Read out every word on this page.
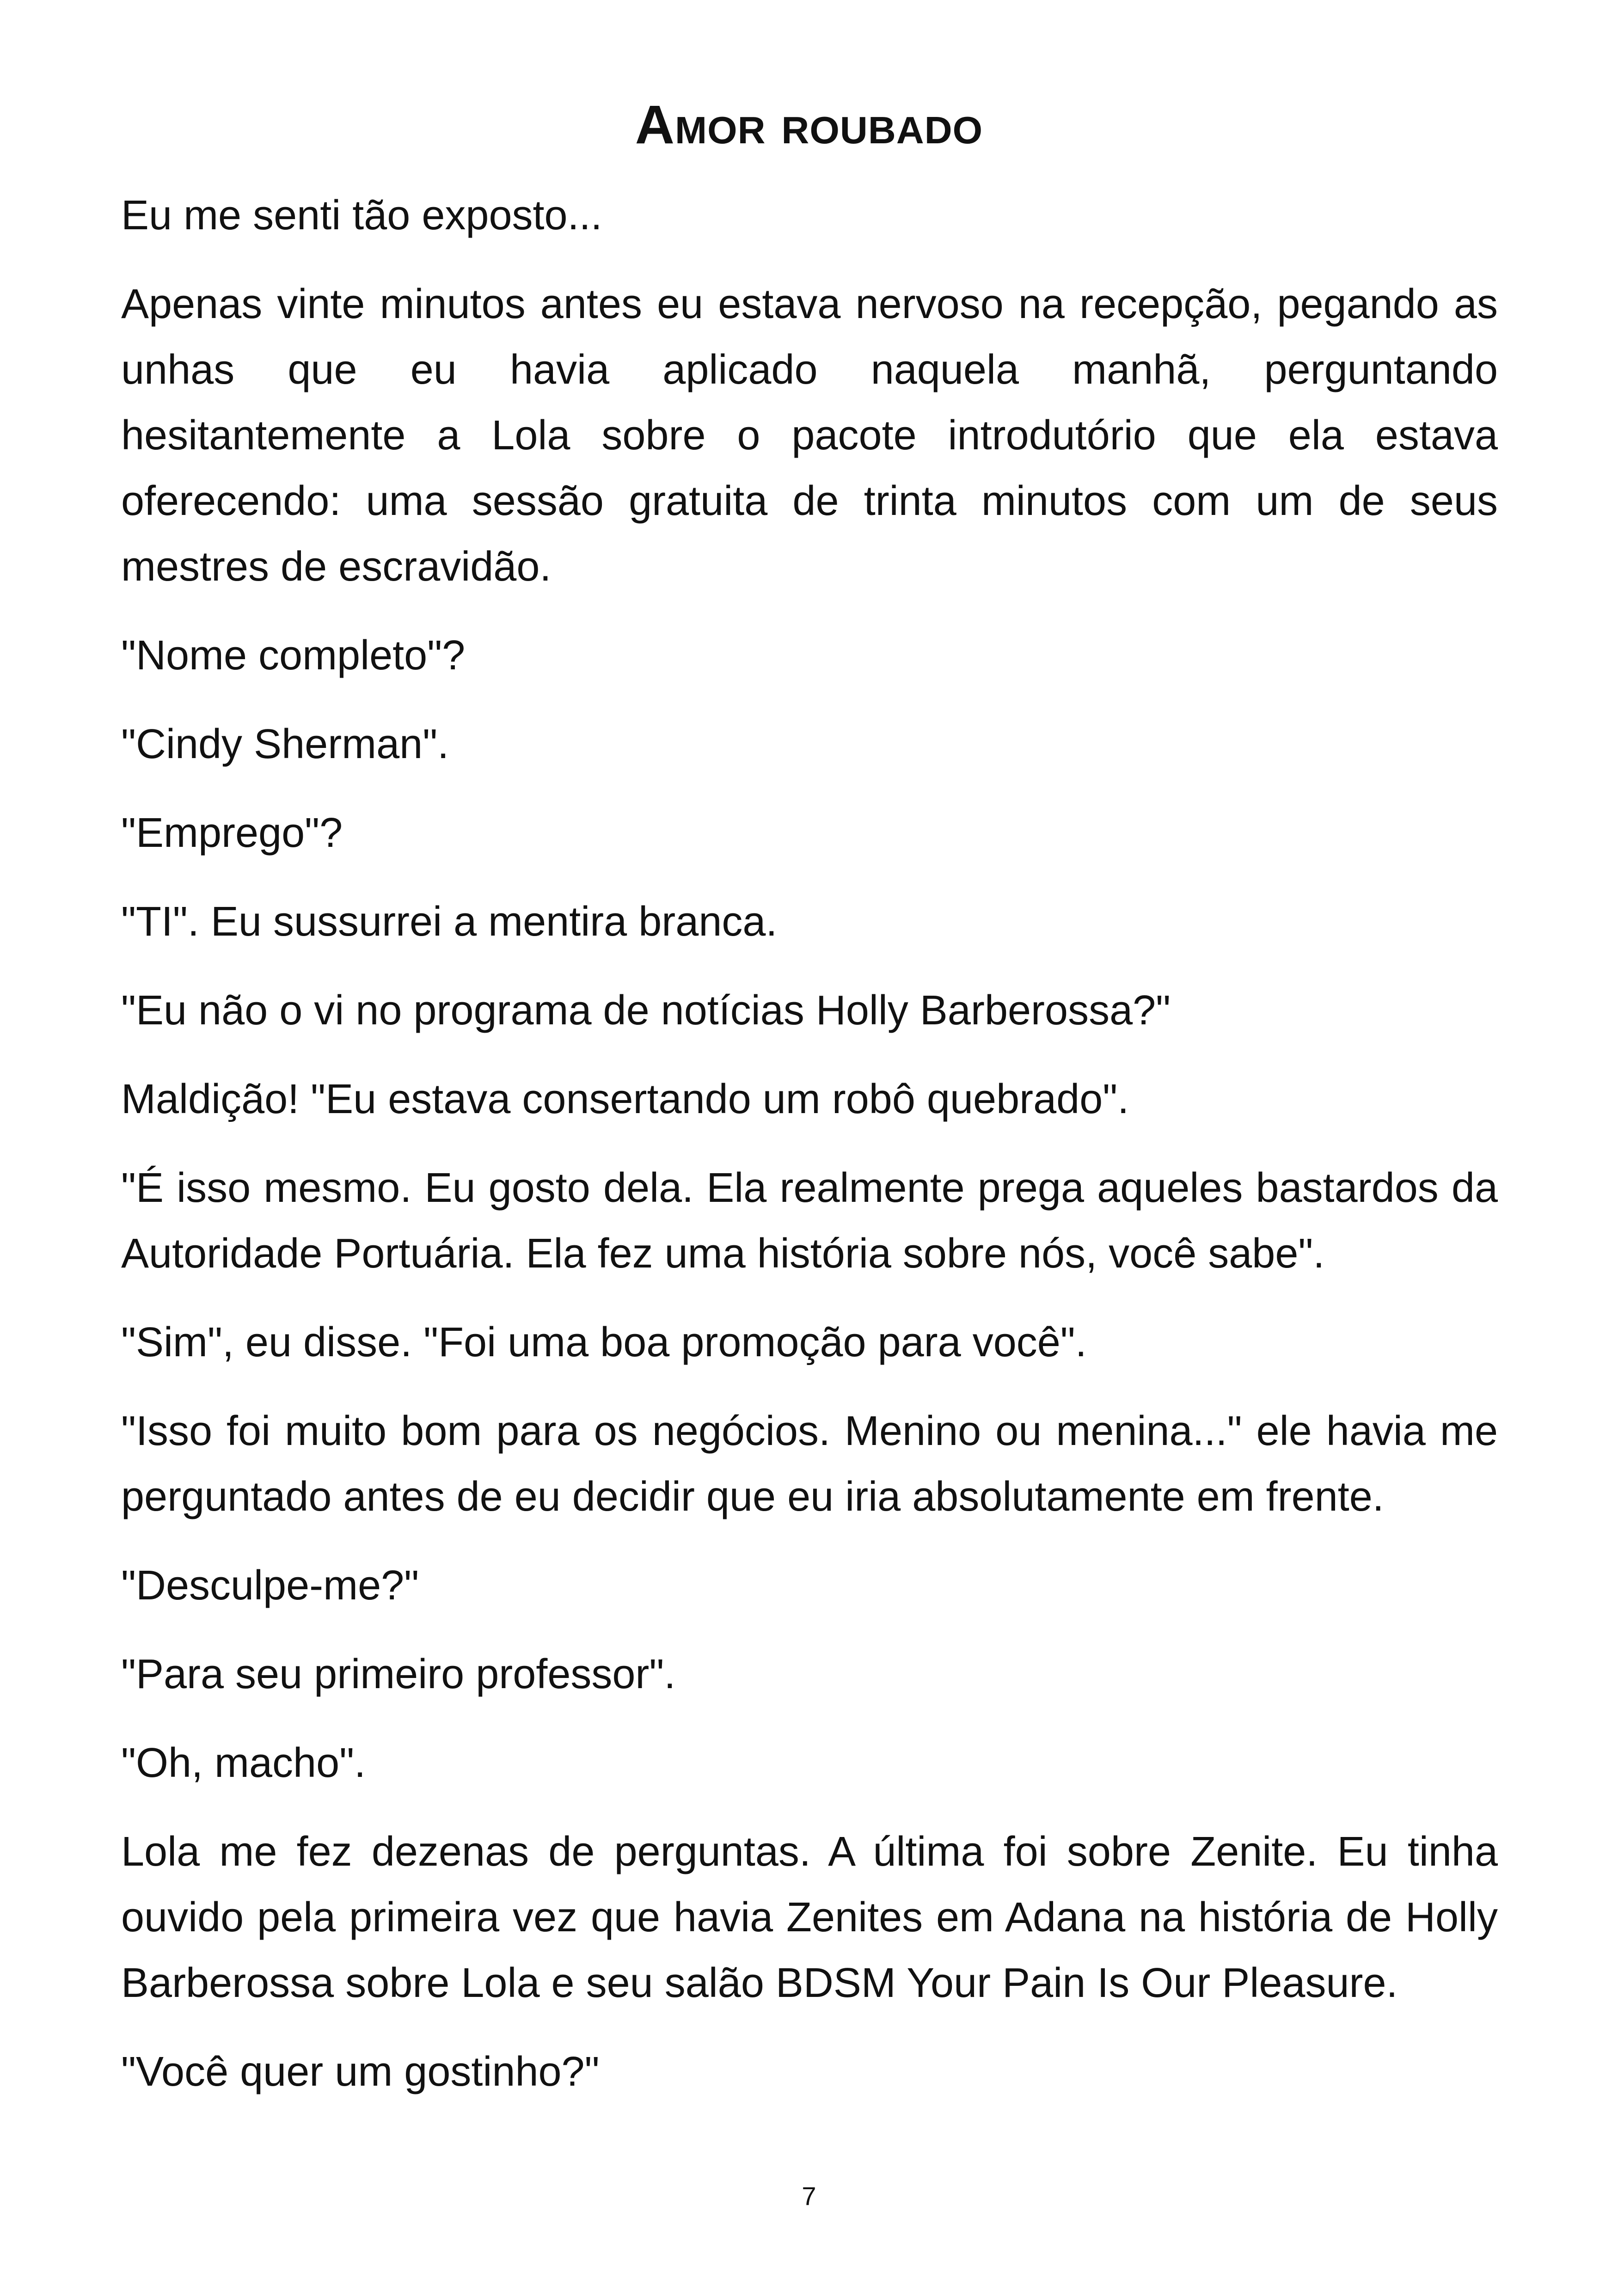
Amor roubado

Eu me senti tão exposto...

Apenas vinte minutos antes eu estava nervoso na recepção, pegando as unhas que eu havia aplicado naquela manhã, perguntando hesitantemente a Lola sobre o pacote introdutório que ela estava oferecendo: uma sessão gratuita de trinta minutos com um de seus mestres de escravidão.

"Nome completo"?

"Cindy Sherman".

"Emprego"?

"TI". Eu sussurrei a mentira branca.

"Eu não o vi no programa de notícias Holly Barberossa?"

Maldição! "Eu estava consertando um robô quebrado".

"É isso mesmo. Eu gosto dela. Ela realmente prega aqueles bastardos da Autoridade Portuária. Ela fez uma história sobre nós, você sabe".

"Sim", eu disse. "Foi uma boa promoção para você".

"Isso foi muito bom para os negócios. Menino ou menina..." ele havia me perguntado antes de eu decidir que eu iria absolutamente em frente.

"Desculpe-me?"

"Para seu primeiro professor".

"Oh, macho".

Lola me fez dezenas de perguntas. A última foi sobre Zenite. Eu tinha ouvido pela primeira vez que havia Zenites em Adana na história de Holly Barberossa sobre Lola e seu salão BDSM Your Pain Is Our Pleasure.

"Você quer um gostinho?"

7
